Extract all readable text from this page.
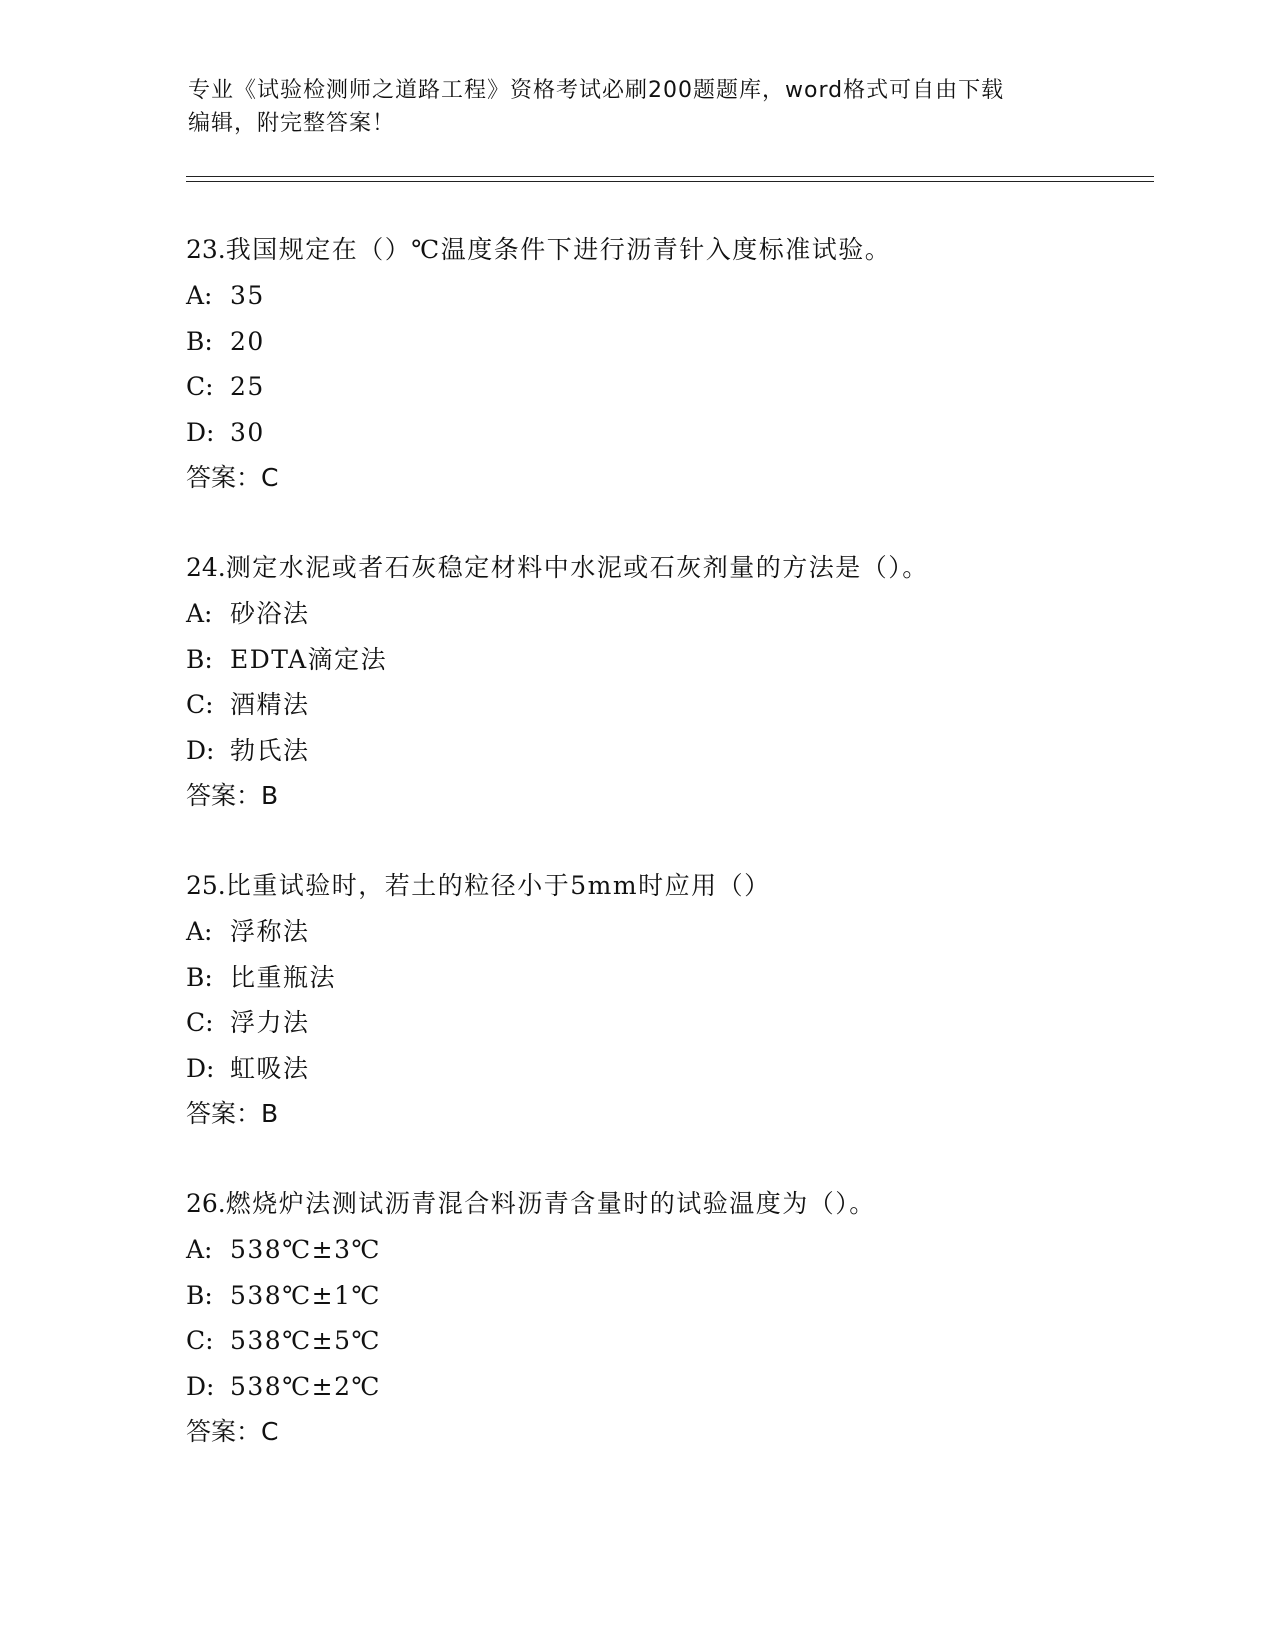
专业《试验检测师之道路工程》资格考试必刷200题题库，word格式可自由下载
编辑，附完整答案！
23.我国规定在（）℃温度条件下进行沥青针入度标准试验。
A: 35
B: 20
C: 25
D: 30
答案：C
24.测定水泥或者石灰稳定材料中水泥或石灰剂量的方法是（）。
A: 砂浴法
B: EDTA滴定法
C: 酒精法
D: 勃氏法
答案：B
25.比重试验时，若土的粒径小于5mm时应用（）
A: 浮称法
B: 比重瓶法
C: 浮力法
D: 虹吸法
答案：B
26.燃烧炉法测试沥青混合料沥青含量时的试验温度为（）。
A: 538℃±3℃
B: 538℃±1℃
C: 538℃±5℃
D: 538℃±2℃
答案：C
